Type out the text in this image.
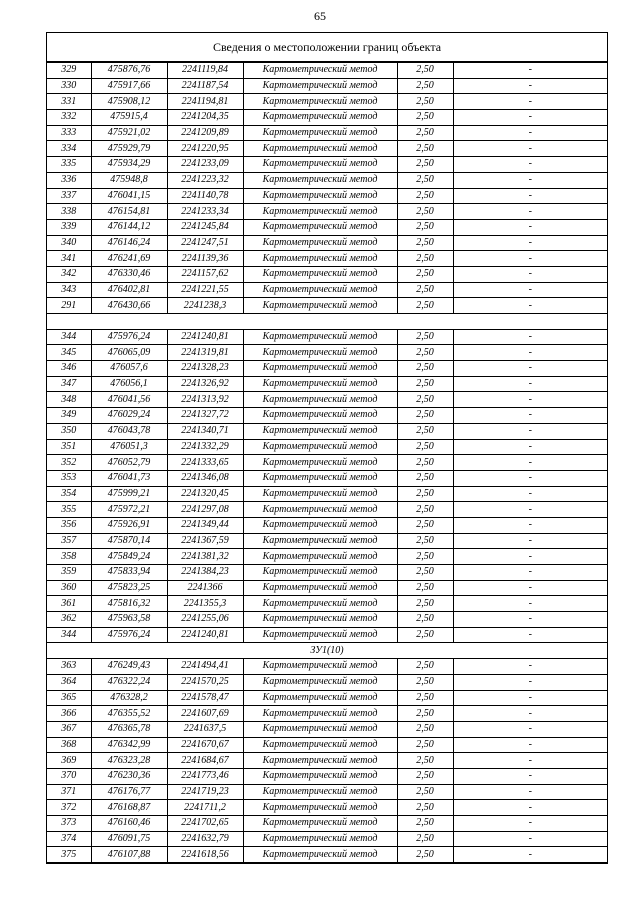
65
Сведения о местоположении границ объекта
329	475876,76	2241119,84	Картометрический метод	2,50	-
330	475917,66	2241187,54	Картометрический метод	2,50	-
331	475908,12	2241194,81	Картометрический метод	2,50	-
332	475915,4	2241204,35	Картометрический метод	2,50	-
333	475921,02	2241209,89	Картометрический метод	2,50	-
334	475929,79	2241220,95	Картометрический метод	2,50	-
335	475934,29	2241233,09	Картометрический метод	2,50	-
336	475948,8	2241223,32	Картометрический метод	2,50	-
337	476041,15	2241140,78	Картометрический метод	2,50	-
338	476154,81	2241233,34	Картометрический метод	2,50	-
339	476144,12	2241245,84	Картометрический метод	2,50	-
340	476146,24	2241247,51	Картометрический метод	2,50	-
341	476241,69	2241139,36	Картометрический метод	2,50	-
342	476330,46	2241157,62	Картометрический метод	2,50	-
343	476402,81	2241221,55	Картометрический метод	2,50	-
291	476430,66	2241238,3	Картометрический метод	2,50	-

344	475976,24	2241240,81	Картометрический метод	2,50	-
345	476065,09	2241319,81	Картометрический метод	2,50	-
346	476057,6	2241328,23	Картометрический метод	2,50	-
347	476056,1	2241326,92	Картометрический метод	2,50	-
348	476041,56	2241313,92	Картометрический метод	2,50	-
349	476029,24	2241327,72	Картометрический метод	2,50	-
350	476043,78	2241340,71	Картометрический метод	2,50	-
351	476051,3	2241332,29	Картометрический метод	2,50	-
352	476052,79	2241333,65	Картометрический метод	2,50	-
353	476041,73	2241346,08	Картометрический метод	2,50	-
354	475999,21	2241320,45	Картометрический метод	2,50	-
355	475972,21	2241297,08	Картометрический метод	2,50	-
356	475926,91	2241349,44	Картометрический метод	2,50	-
357	475870,14	2241367,59	Картометрический метод	2,50	-
358	475849,24	2241381,32	Картометрический метод	2,50	-
359	475833,94	2241384,23	Картометрический метод	2,50	-
360	475823,25	2241366	Картометрический метод	2,50	-
361	475816,32	2241355,3	Картометрический метод	2,50	-
362	475963,58	2241255,06	Картометрический метод	2,50	-
344	475976,24	2241240,81	Картометрический метод	2,50	-
ЗУ1(10)					
363	476249,43	2241494,41	Картометрический метод	2,50	-
364	476322,24	2241570,25	Картометрический метод	2,50	-
365	476328,2	2241578,47	Картометрический метод	2,50	-
366	476355,52	2241607,69	Картометрический метод	2,50	-
367	476365,78	2241637,5	Картометрический метод	2,50	-
368	476342,99	2241670,67	Картометрический метод	2,50	-
369	476323,28	2241684,67	Картометрический метод	2,50	-
370	476230,36	2241773,46	Картометрический метод	2,50	-
371	476176,77	2241719,23	Картометрический метод	2,50	-
372	476168,87	2241711,2	Картометрический метод	2,50	-
373	476160,46	2241702,65	Картометрический метод	2,50	-
374	476091,75	2241632,79	Картометрический метод	2,50	-
375	476107,88	2241618,56	Картометрический метод	2,50	-
